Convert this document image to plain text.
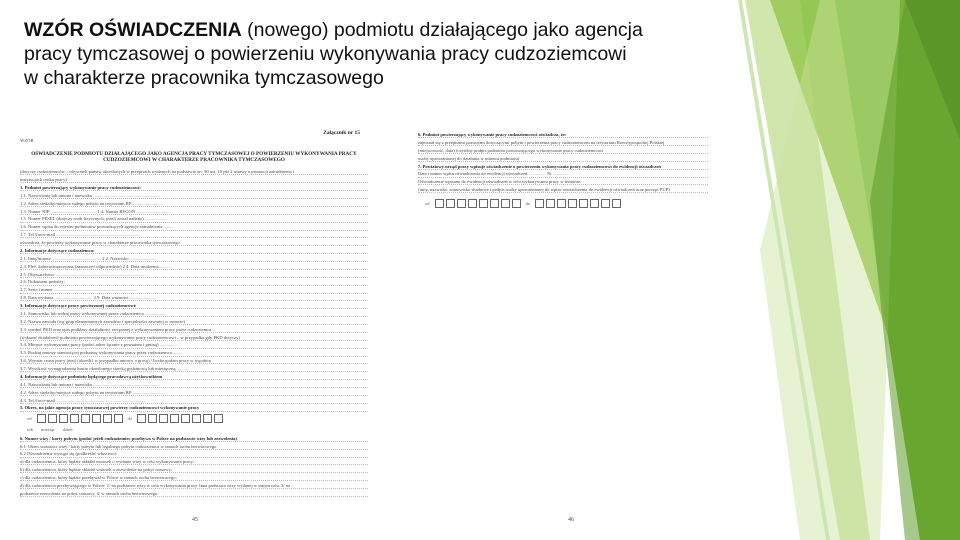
WZÓR OŚWIADCZENIA (nowego) podmiotu działającego jako agencja pracy tymczasowej o powierzeniu wykonywania pracy cudzoziemcowi w charakterze pracownika tymczasowego
Załącznik nr 15
WZÓR
OŚWIADCZENIE PODMIOTU DZIAŁAJĄCEGO JAKO AGENCJA PRACY TYMCZASOWEJ O POWIERZENIU WYKONYWANIA PRACY CUDZOZIEMCOWI W CHARAKTERZE PRACOWNIKA TYMCZASOWEGO
(dotyczy cudzoziemców – obywateli państw określonych w przepisach wydanych na podstawie art. 90 ust. 10 pkt 2 ustawy o promocji zatrudnienia i
instytucjach rynku pracy)
1. Podmiot powierzający wykonywanie pracy cudzoziemcowi:
1.1. Nazwa/imię lub imiona i nazwisko ..........................................................
1.2. Adres siedziby/miejsca stałego pobytu na terytorium RP............................
1.3. Numer NIP ........................................ 1.4. Numer REGON ..............................
1.5. Numer PESEL (dotyczy osób fizycznych, jeżeli został nadany) ....................
1.6. Numer wpisu do rejestru podmiotów prowadzących agencje zatrudnienia ........
1.7. Tel./fax/e-mail ..........................................................................
oświadcza, że powierzy wykonywanie pracy w charakterze pracownika tymczasowego.
2. Informacje dotyczące cudzoziemca:
2.1. Imię/imiona ........................................... 2.2. Nazwisko ........................
2.3. Płeć: kobieta/mężczyzna (zaznaczyć odpowiednie) 2.4. Data urodzenia .........
2.5. Obywatelstwo ..............................................................................
2.6. Dokument podróży:
2.7. Seria i numer ........................................................................
2.8. Data wydania ................................. 2.9. Data ważności .......................
3. Informacje dotyczące pracy powierzonej cudzoziemcowi:
3.1. Stanowisko lub rodzaj pracy wykonywanej przez cudzoziemca ...................
3.2. Nazwa zawodu (wg grup elementarnych zawodów i specjalności zawartej w ustawie)
3.3. symbol PKD oraz opis podklasy działalności związanej z wykonywaniem pracy przez cudzoziemca ...
(wskazać działalność podmiotu powierzającego wykonywanie pracy cudzoziemcowi – w przypadku gdy PKD dotyczy)
3.4. Miejsce wykonywania pracy (podać adres łącznie z powiatem i gminą) ...............
3.5. Rodzaj umowy stanowiącej podstawę wykonywania pracy przez cudzoziemca ........
3.6. Wymiar czasu pracy (etat) (określić w przypadku umowy o pracę) / liczba godzin pracy w tygodniu
3.7. Wysokość wynagrodzenia brutto określonego stawką godzinową lub miesięczną ..........
4. Informacje dotyczące podmiotu będącego pracodawcą użytkownikiem
4.1. Nazwa/imię lub imiona i nazwisko ..........................................................
4.2. Adres siedziby/miejsca stałego pobytu na terytorium RP ..............................
4.3. Tel./fax/e-mail ..............................................................................
5. Okres, na jakie agencja pracy tymczasowej powierzy cudzoziemcowi wykonywanie pracy
od	do
rok miesiąc dzień
6. Numer wizy / karty pobytu (podać jeżeli cudzoziemiec przebywa w Polsce na podstawie wizy lub zezwolenia)
6.1. Okres ważności wizy / karty pobytu lub legalnego pobytu cudzoziemca w ramach ruchu bezwizowego
6.2 Oświadczenie wystąpi się (podkreślić właściwe):
a) dla cudzoziemca, który będzie składał wniosek o wydanie wizy w celu wykonywania pracy;
b) dla cudzoziemca, który będzie składał wniosek o zezwolenie na pobyt czasowy;
c) dla cudzoziemca, który będzie przebywał w Polsce w ramach ruchu bezwizowego;
d) dla cudzoziemca przebywającego w Polsce: 1/ na podstawie wizy w celu wykonywania pracy. Inna podstawa wizy wydanej w innym celu. 3/ na
podstawie zezwolenia na pobyt czasowy, 4/ w ramach ruchu bezwizowego.
45
6. Podmiot powierzający wykonywanie pracy cudzoziemcowi oświadcza, że:
zapoznał się z przepisami prawnymi dotyczącymi pobytu i powierzenia pracy cudzoziemcom na terytorium Rzeczypospolitej Polskiej
(miejscowość, data) (czytelny podpis podmiotu powierzającego wykonywanie pracy cudzoziemcowi
osoby upoważnionej do działania w imieniu podmiotu)
7. Powiatowy urząd pracy wpisuje oświadczenie o powierzeniu wykonywania pracy cudzoziemcowi do ewidencji oświadczeń
Data i numer wpisu oświadczenia do ewidencji oświadczeń: .............. Nr ..............
Oświadczenie wpisano do ewidencji oświadczeń w celu wykonywania pracy w terminie:
(imię, nazwisko, stanowisko służbowe i podpis osoby upoważnionej do wpisu oświadczenia do ewidencji oświadczeń oraz pieczęć PUP)
od	do
46
